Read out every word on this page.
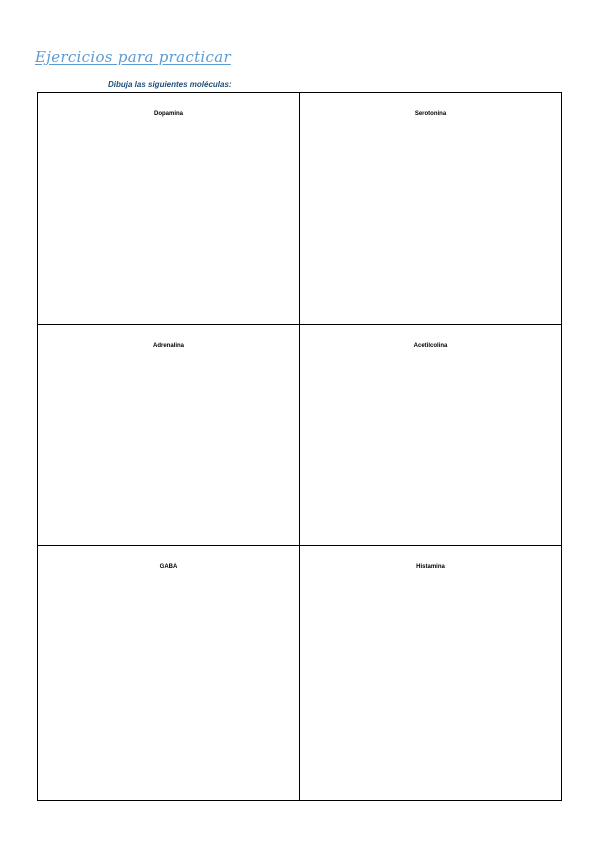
Ejercicios para practicar
Dibuja las siguientes moléculas:
Dopamina	Serotonina
Adrenalina	Acetilcolina
GABA	Histamina
